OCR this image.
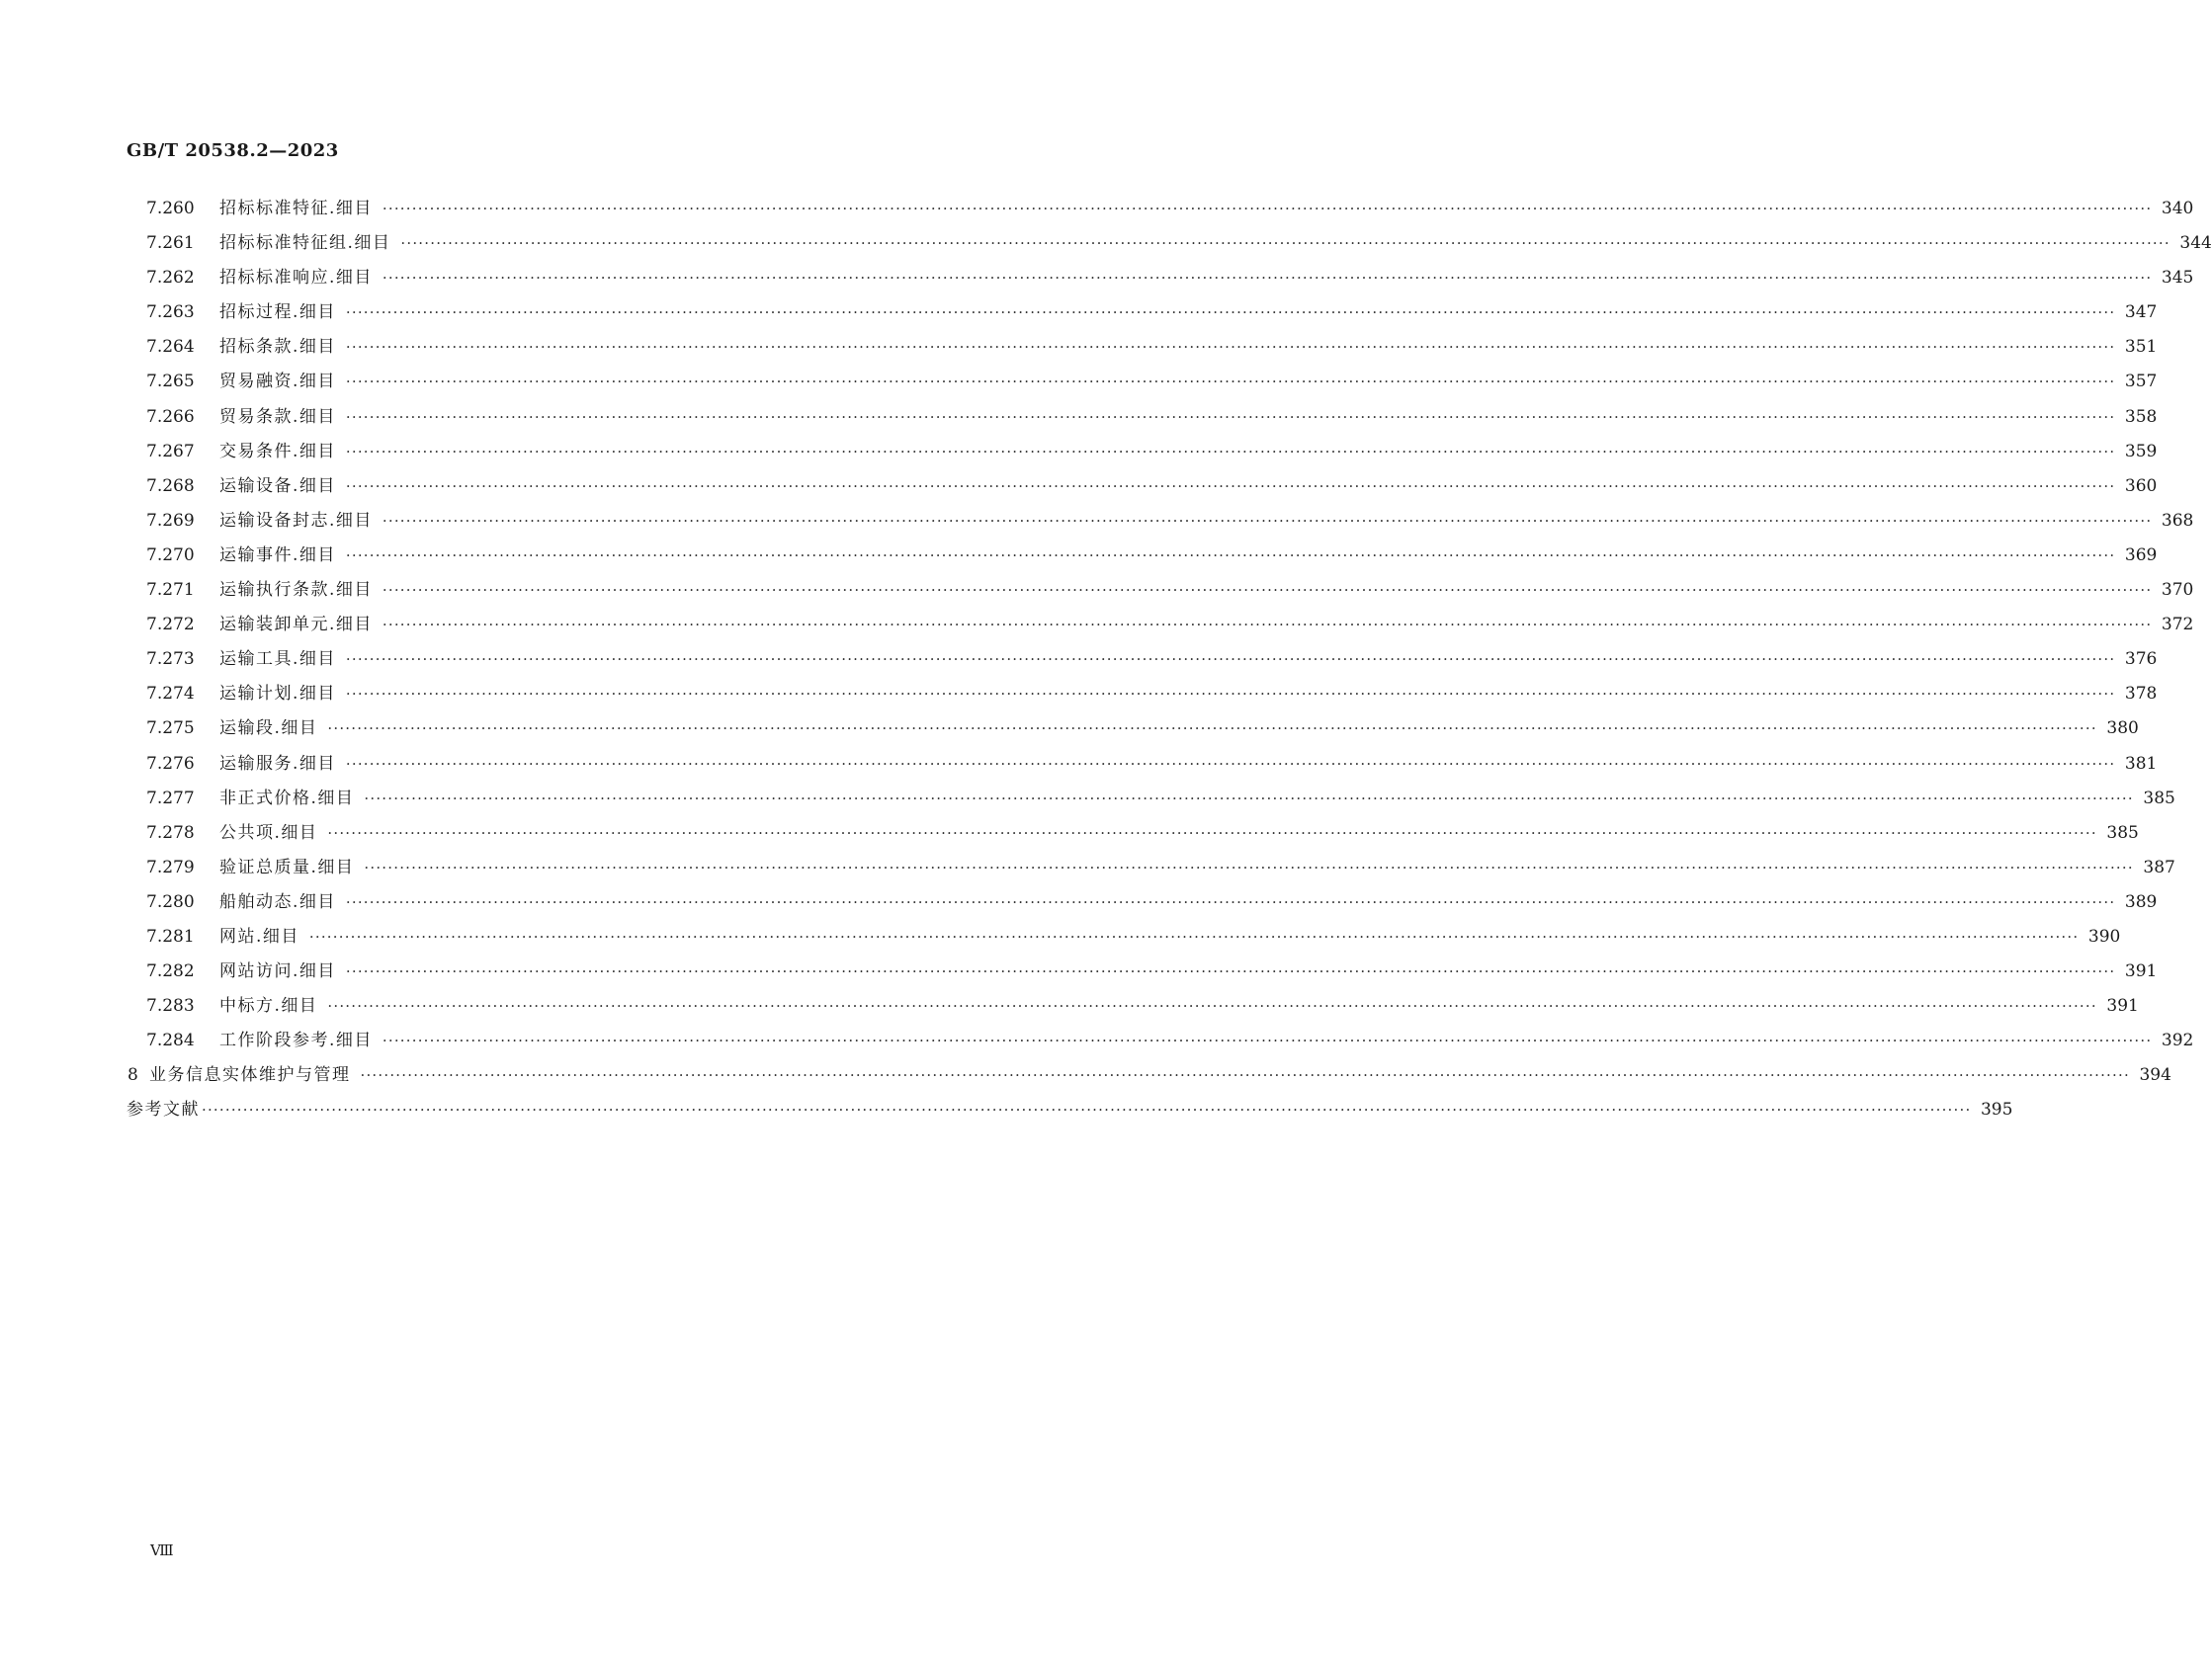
GB/T 20538.2—2023
7.260	招标标准特征.细目 ············································································································································································································································································································ 340
7.261	招标标准特征组.细目 ············································································································································································································································································································ 344
7.262	招标标准响应.细目 ············································································································································································································································································································ 345
7.263	招标过程.细目 ············································································································································································································································································································ 347
7.264	招标条款.细目 ············································································································································································································································································································ 351
7.265	贸易融资.细目 ············································································································································································································································································································ 357
7.266	贸易条款.细目 ············································································································································································································································································································ 358
7.267	交易条件.细目 ············································································································································································································································································································ 359
7.268	运输设备.细目 ············································································································································································································································································································ 360
7.269	运输设备封志.细目 ············································································································································································································································································································ 368
7.270	运输事件.细目 ············································································································································································································································································································ 369
7.271	运输执行条款.细目 ············································································································································································································································································································ 370
7.272	运输装卸单元.细目 ············································································································································································································································································································ 372
7.273	运输工具.细目 ············································································································································································································································································································ 376
7.274	运输计划.细目 ············································································································································································································································································································ 378
7.275	运输段.细目 ············································································································································································································································································································ 380
7.276	运输服务.细目 ············································································································································································································································································································ 381
7.277	非正式价格.细目 ············································································································································································································································································································ 385
7.278	公共项.细目 ············································································································································································································································································································ 385
7.279	验证总质量.细目 ············································································································································································································································································································ 387
7.280	船舶动态.细目 ············································································································································································································································································································ 389
7.281	网站.细目 ············································································································································································································································································································ 390
7.282	网站访问.细目 ············································································································································································································································································································ 391
7.283	中标方.细目 ············································································································································································································································································································ 391
7.284	工作阶段参考.细目 ············································································································································································································································································································ 392
8 业务信息实体维护与管理 ············································································································································································································································································································ 394
参考文献 ············································································································································································································································································································ 395
Ⅷ
